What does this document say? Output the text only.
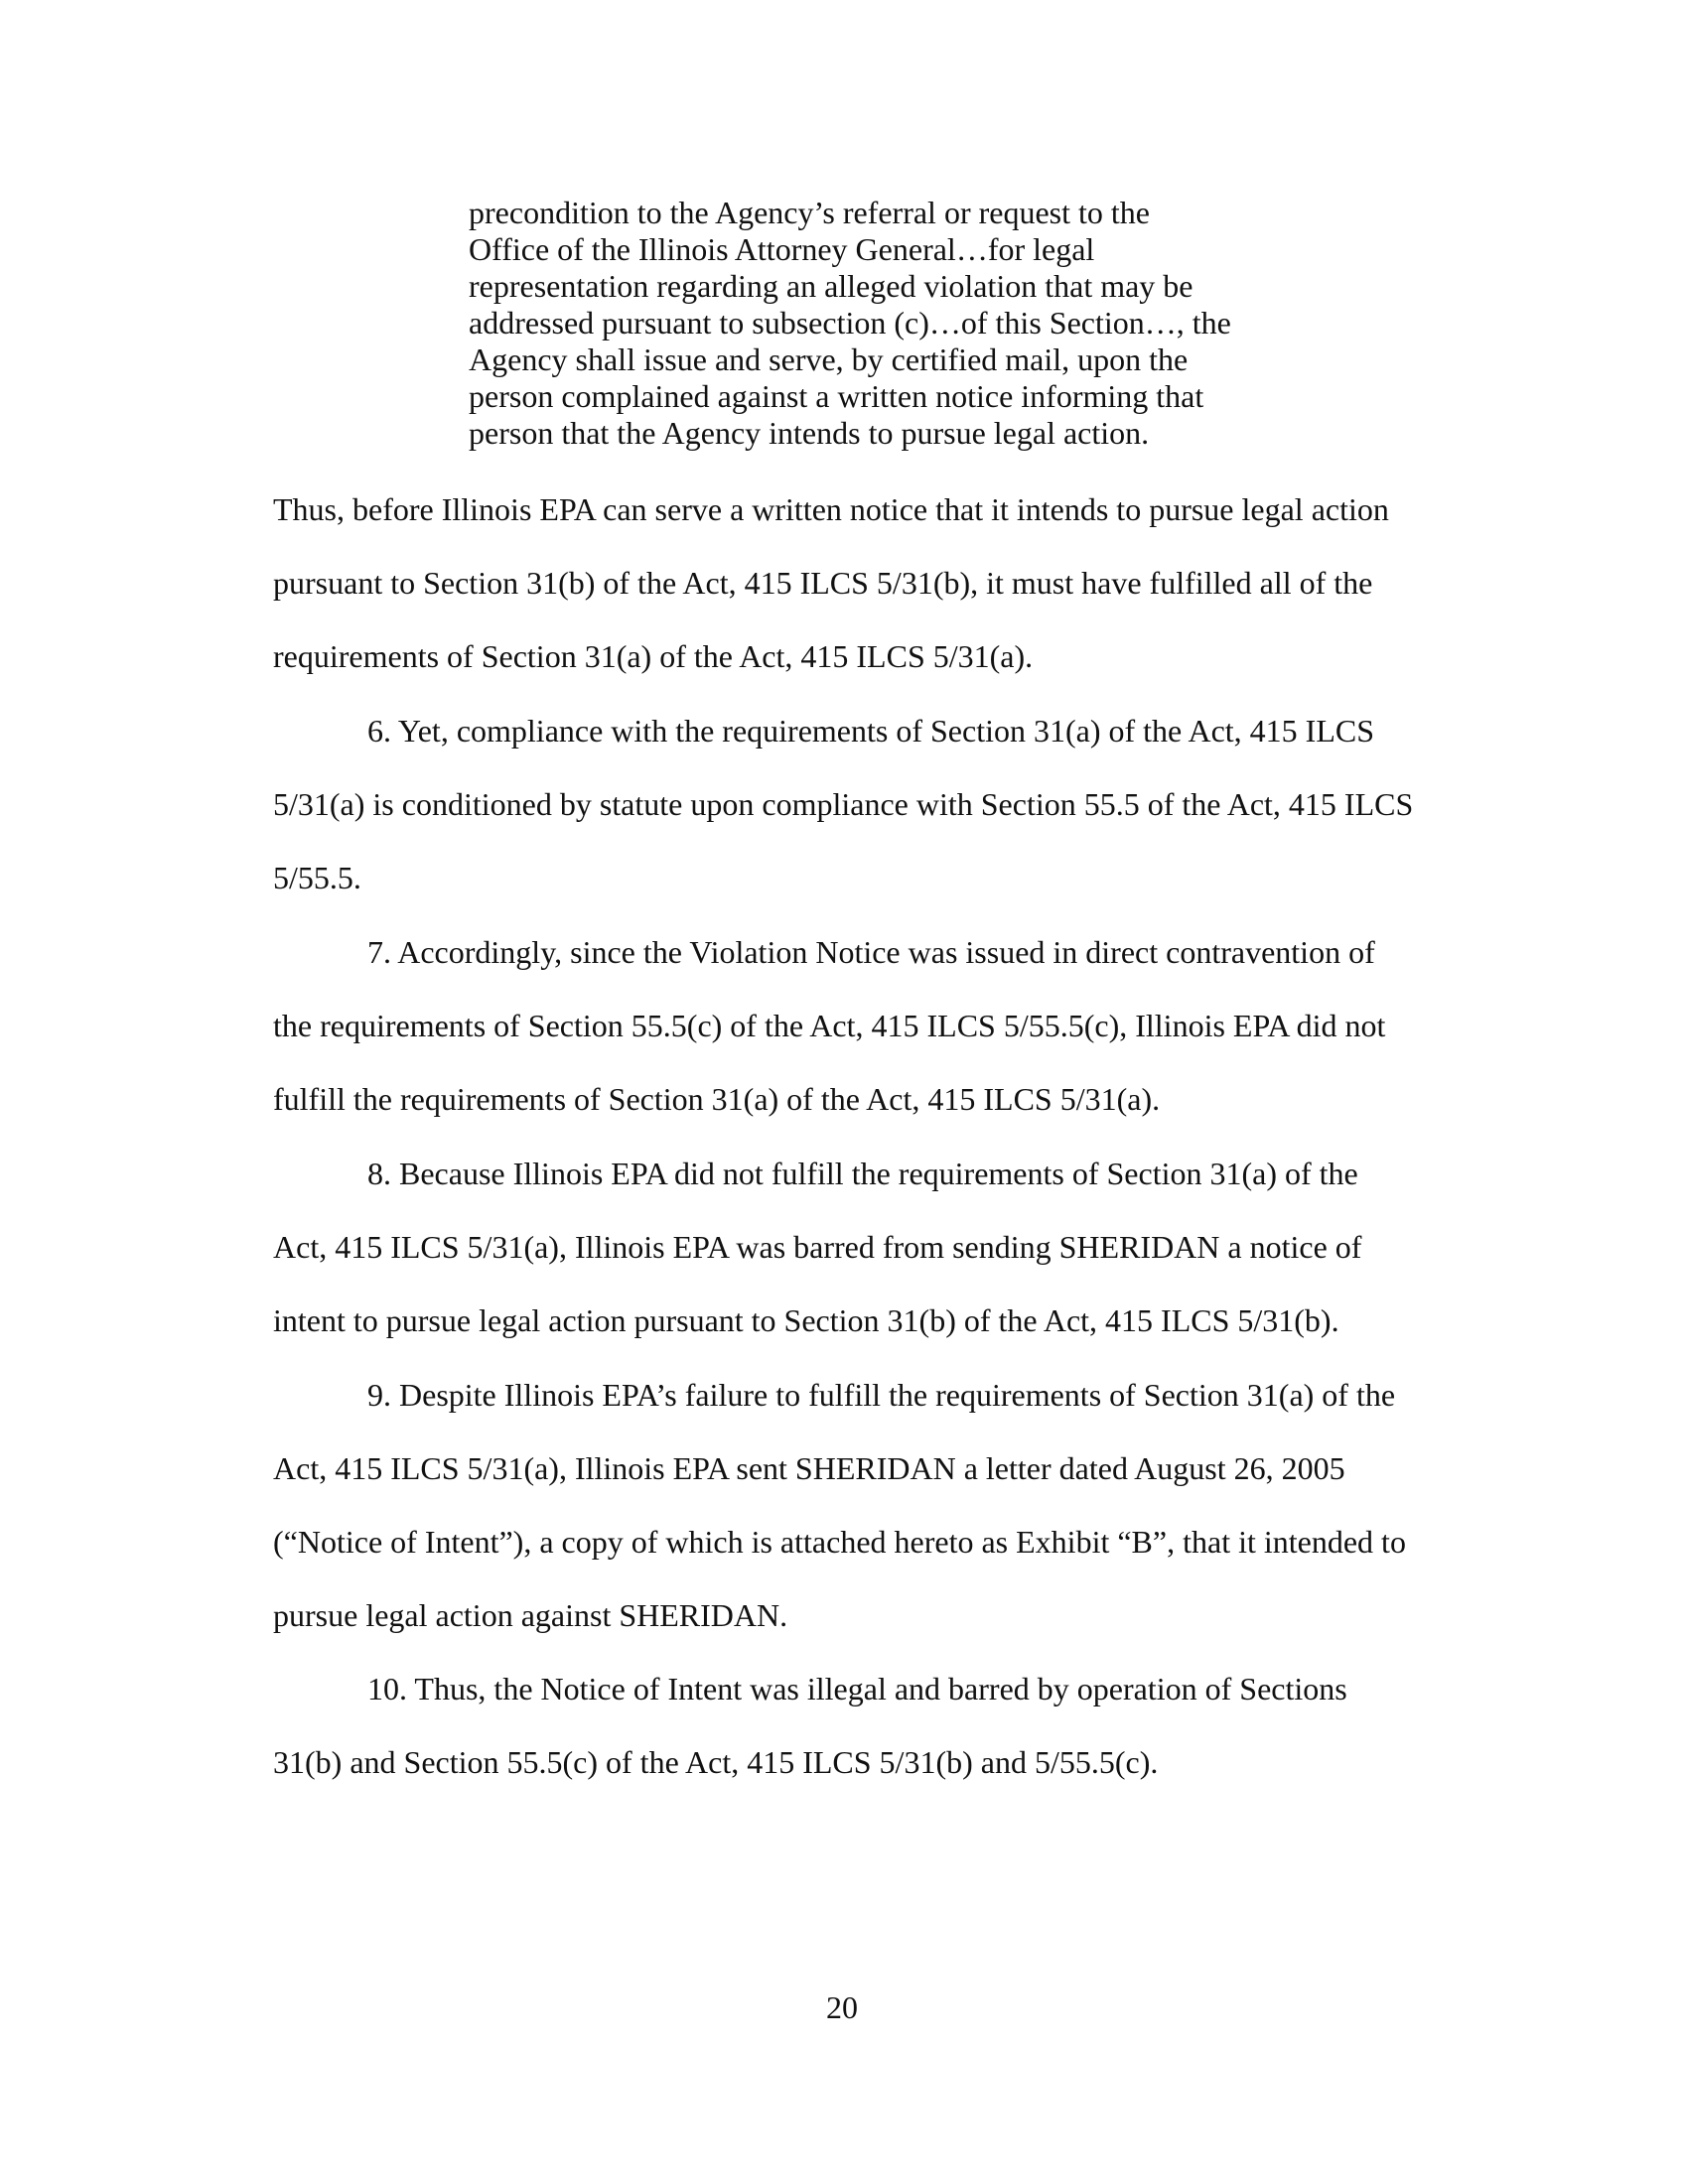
precondition to the Agency’s referral or request to the
Office of the Illinois Attorney General…for legal
representation regarding an alleged violation that may be
addressed pursuant to subsection (c)…of this Section…, the
Agency shall issue and serve, by certified mail, upon the
person complained against a written notice informing that
person that the Agency intends to pursue legal action.
Thus, before Illinois EPA can serve a written notice that it intends to pursue legal action
pursuant to Section 31(b) of the Act, 415 ILCS 5/31(b), it must have fulfilled all of the
requirements of Section 31(a) of the Act, 415 ILCS 5/31(a).
6. Yet, compliance with the requirements of Section 31(a) of the Act, 415 ILCS
5/31(a) is conditioned by statute upon compliance with Section 55.5 of the Act, 415 ILCS
5/55.5.
7. Accordingly, since the Violation Notice was issued in direct contravention of
the requirements of Section 55.5(c) of the Act, 415 ILCS 5/55.5(c), Illinois EPA did not
fulfill the requirements of Section 31(a) of the Act, 415 ILCS 5/31(a).
8. Because Illinois EPA did not fulfill the requirements of Section 31(a) of the
Act, 415 ILCS 5/31(a), Illinois EPA was barred from sending SHERIDAN a notice of
intent to pursue legal action pursuant to Section 31(b) of the Act, 415 ILCS 5/31(b).
9. Despite Illinois EPA’s failure to fulfill the requirements of Section 31(a) of the
Act, 415 ILCS 5/31(a), Illinois EPA sent SHERIDAN a letter dated August 26, 2005
(“Notice of Intent”), a copy of which is attached hereto as Exhibit “B”, that it intended to
pursue legal action against SHERIDAN.
10. Thus, the Notice of Intent was illegal and barred by operation of Sections
31(b) and Section 55.5(c) of the Act, 415 ILCS 5/31(b) and 5/55.5(c).
20
